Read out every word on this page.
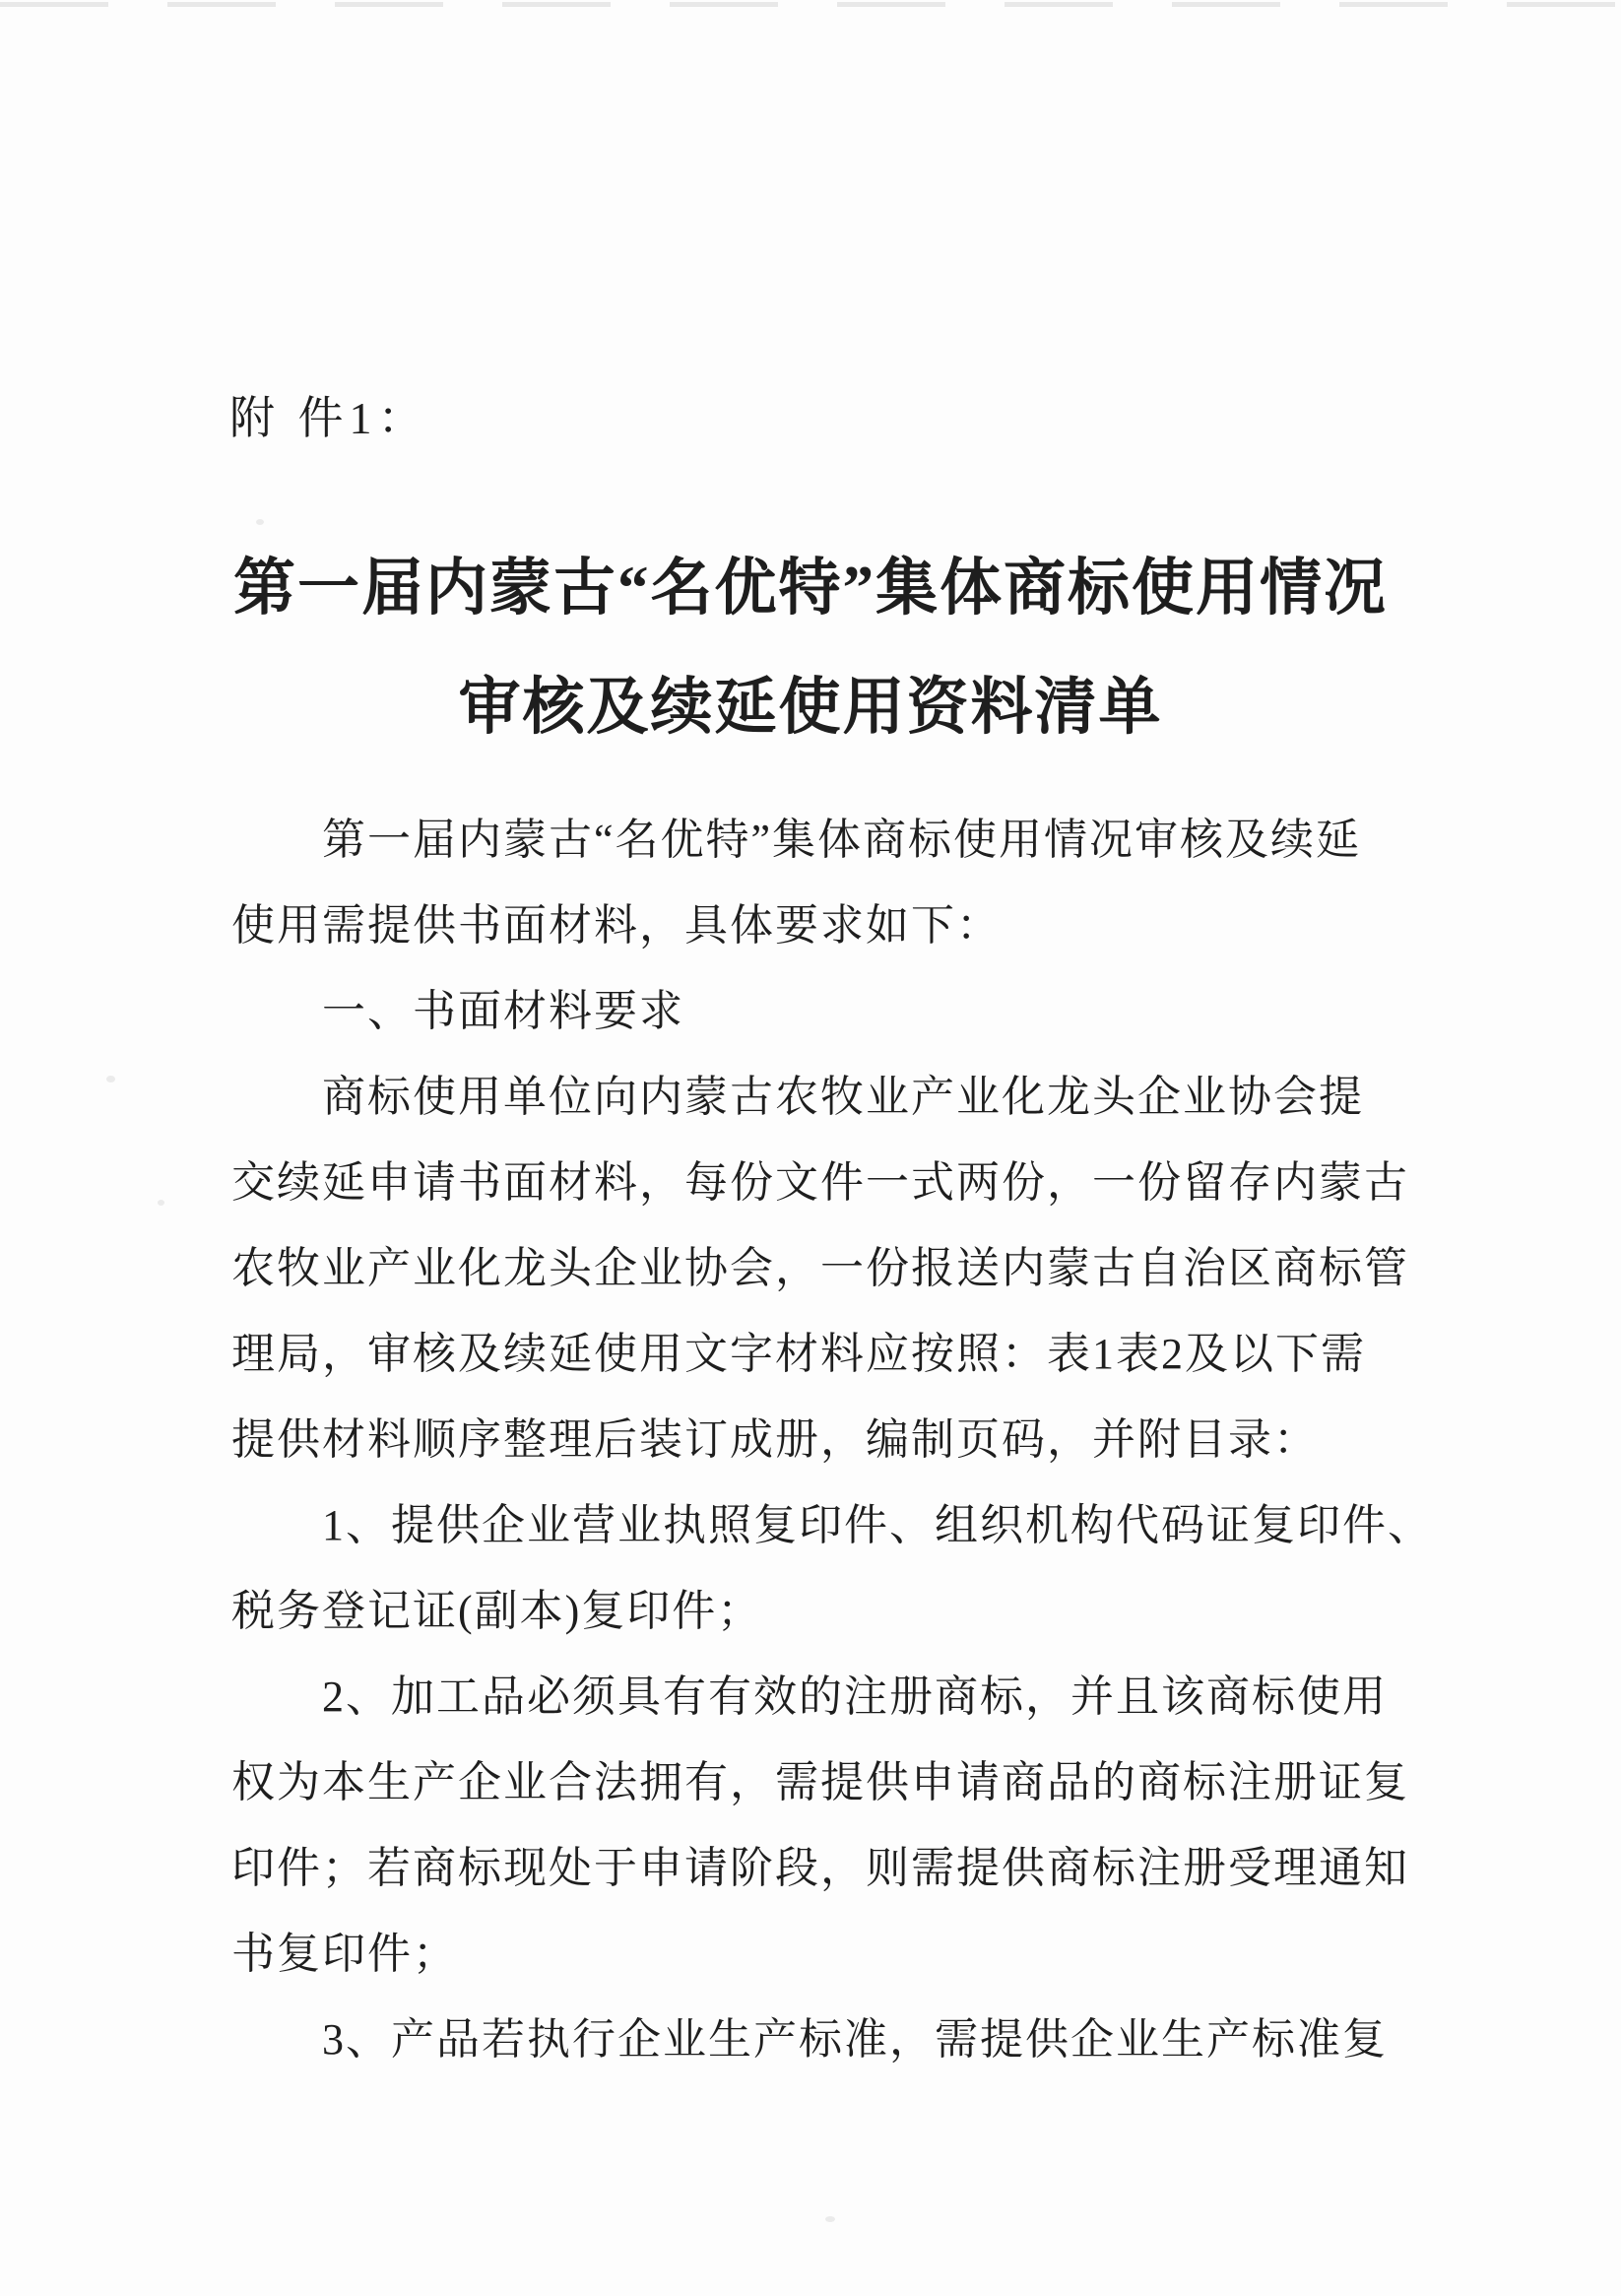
附 件1：
第一届内蒙古“名优特”集体商标使用情况
审核及续延使用资料清单
第一届内蒙古“名优特”集体商标使用情况审核及续延
使用需提供书面材料，具体要求如下：
一、书面材料要求
商标使用单位向内蒙古农牧业产业化龙头企业协会提
交续延申请书面材料，每份文件一式两份，一份留存内蒙古
农牧业产业化龙头企业协会，一份报送内蒙古自治区商标管
理局，审核及续延使用文字材料应按照：表1表2及以下需
提供材料顺序整理后装订成册，编制页码，并附目录：
1、提供企业营业执照复印件、组织机构代码证复印件、
税务登记证(副本)复印件；
2、加工品必须具有有效的注册商标，并且该商标使用
权为本生产企业合法拥有，需提供申请商品的商标注册证复
印件；若商标现处于申请阶段，则需提供商标注册受理通知
书复印件；
3、产品若执行企业生产标准，需提供企业生产标准复
